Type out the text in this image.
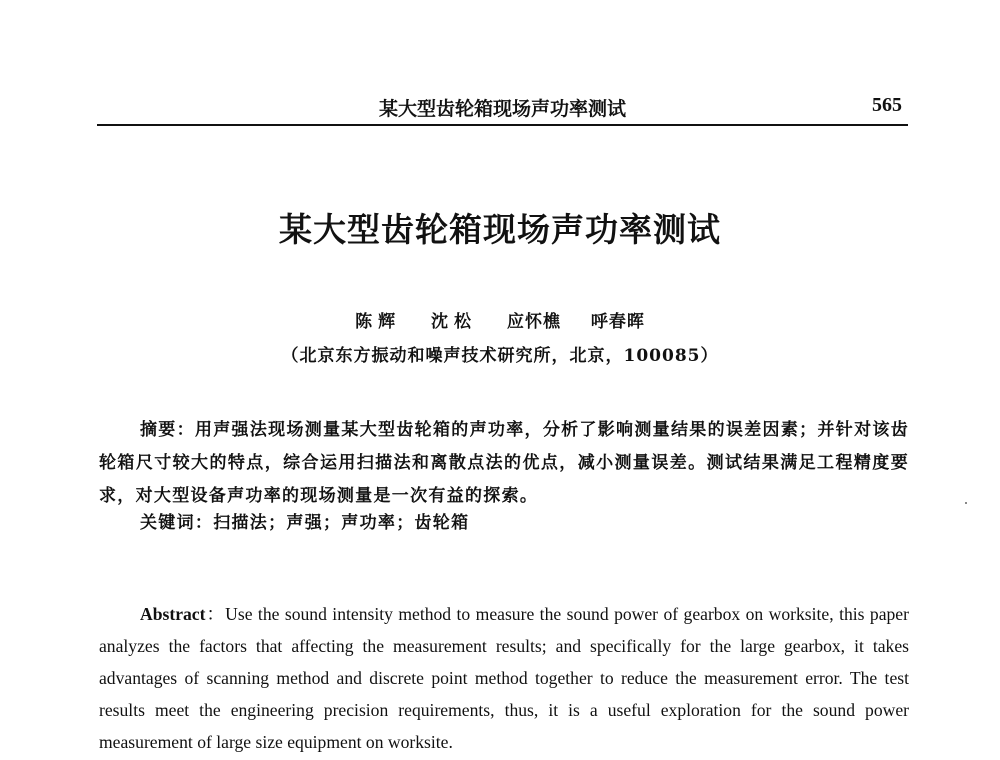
某大型齿轮箱现场声功率测试	565
某大型齿轮箱现场声功率测试
陈辉 沈松 应怀樵 呼春晖
（北京东方振动和噪声技术研究所，北京，100085）
摘要：用声强法现场测量某大型齿轮箱的声功率，分析了影响测量结果的误差因素；并针对该齿轮箱尺寸较大的特点，综合运用扫描法和离散点法的优点，减小测量误差。测试结果满足工程精度要求，对大型设备声功率的现场测量是一次有益的探索。
关键词：扫描法；声强；声功率；齿轮箱
Abstract：Use the sound intensity method to measure the sound power of gearbox on worksite, this paper analyzes the factors that affecting the measurement results; and specifically for the large gearbox, it takes advantages of scanning method and discrete point method together to reduce the measurement error. The test results meet the engineering precision requirements, thus, it is a useful exploration for the sound power measurement of large size equipment on worksite.
